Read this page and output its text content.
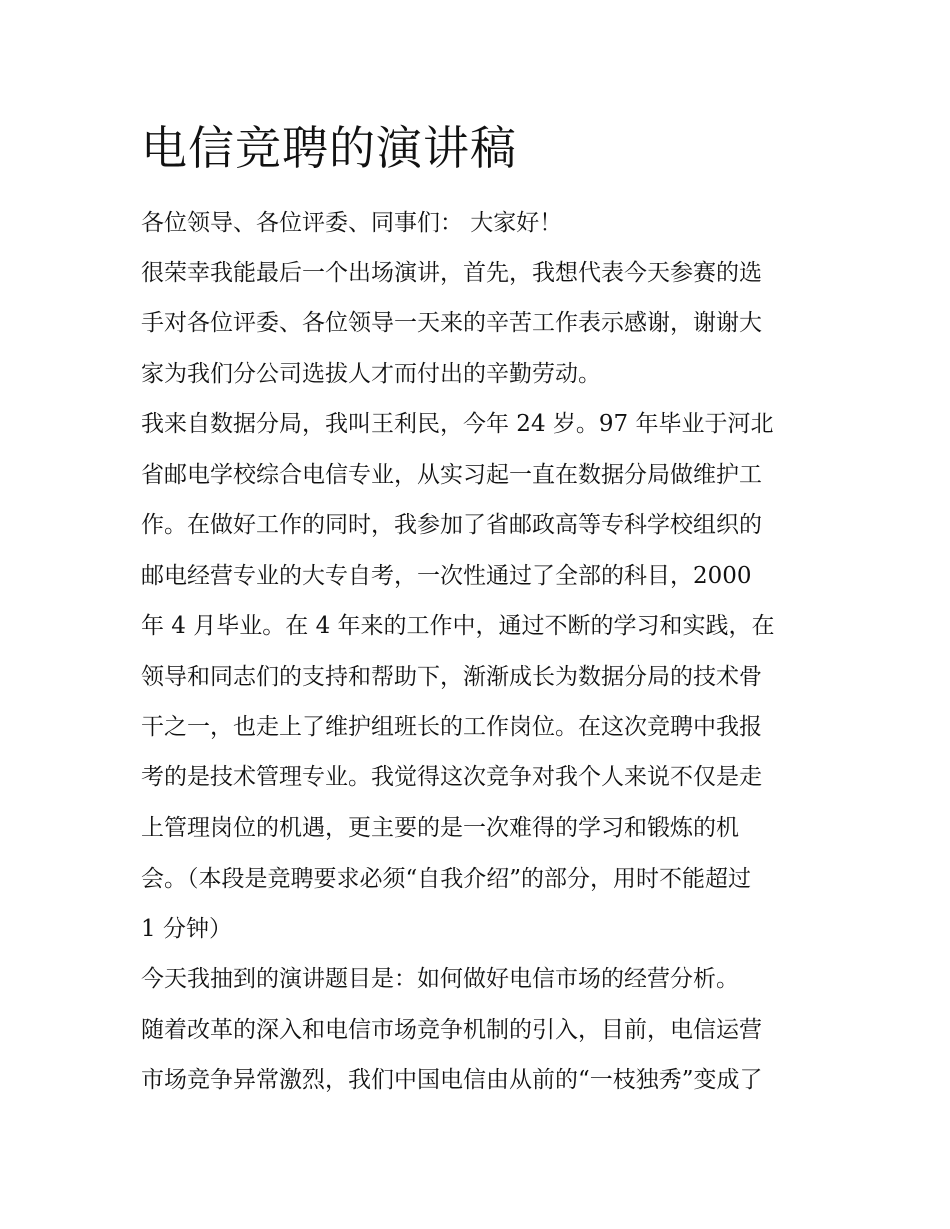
电信竞聘的演讲稿

各位领导、各位评委、同事们： 大家好！

很荣幸我能最后一个出场演讲，首先，我想代表今天参赛的选

手对各位评委、各位领导一天来的辛苦工作表示感谢，谢谢大

家为我们分公司选拔人才而付出的辛勤劳动。

我来自数据分局，我叫王利民，今年 24 岁。97 年毕业于河北

省邮电学校综合电信专业，从实习起一直在数据分局做维护工

作。在做好工作的同时，我参加了省邮政高等专科学校组织的

邮电经营专业的大专自考，一次性通过了全部的科目，2000

年 4 月毕业。在 4 年来的工作中，通过不断的学习和实践，在

领导和同志们的支持和帮助下，渐渐成长为数据分局的技术骨

干之一，也走上了维护组班长的工作岗位。在这次竞聘中我报

考的是技术管理专业。我觉得这次竞争对我个人来说不仅是走

上管理岗位的机遇，更主要的是一次难得的学习和锻炼的机

会。（本段是竞聘要求必须“自我介绍”的部分，用时不能超过

1 分钟）

今天我抽到的演讲题目是：如何做好电信市场的经营分析。

随着改革的深入和电信市场竞争机制的引入，目前，电信运营

市场竞争异常激烈，我们中国电信由从前的“一枝独秀”变成了
